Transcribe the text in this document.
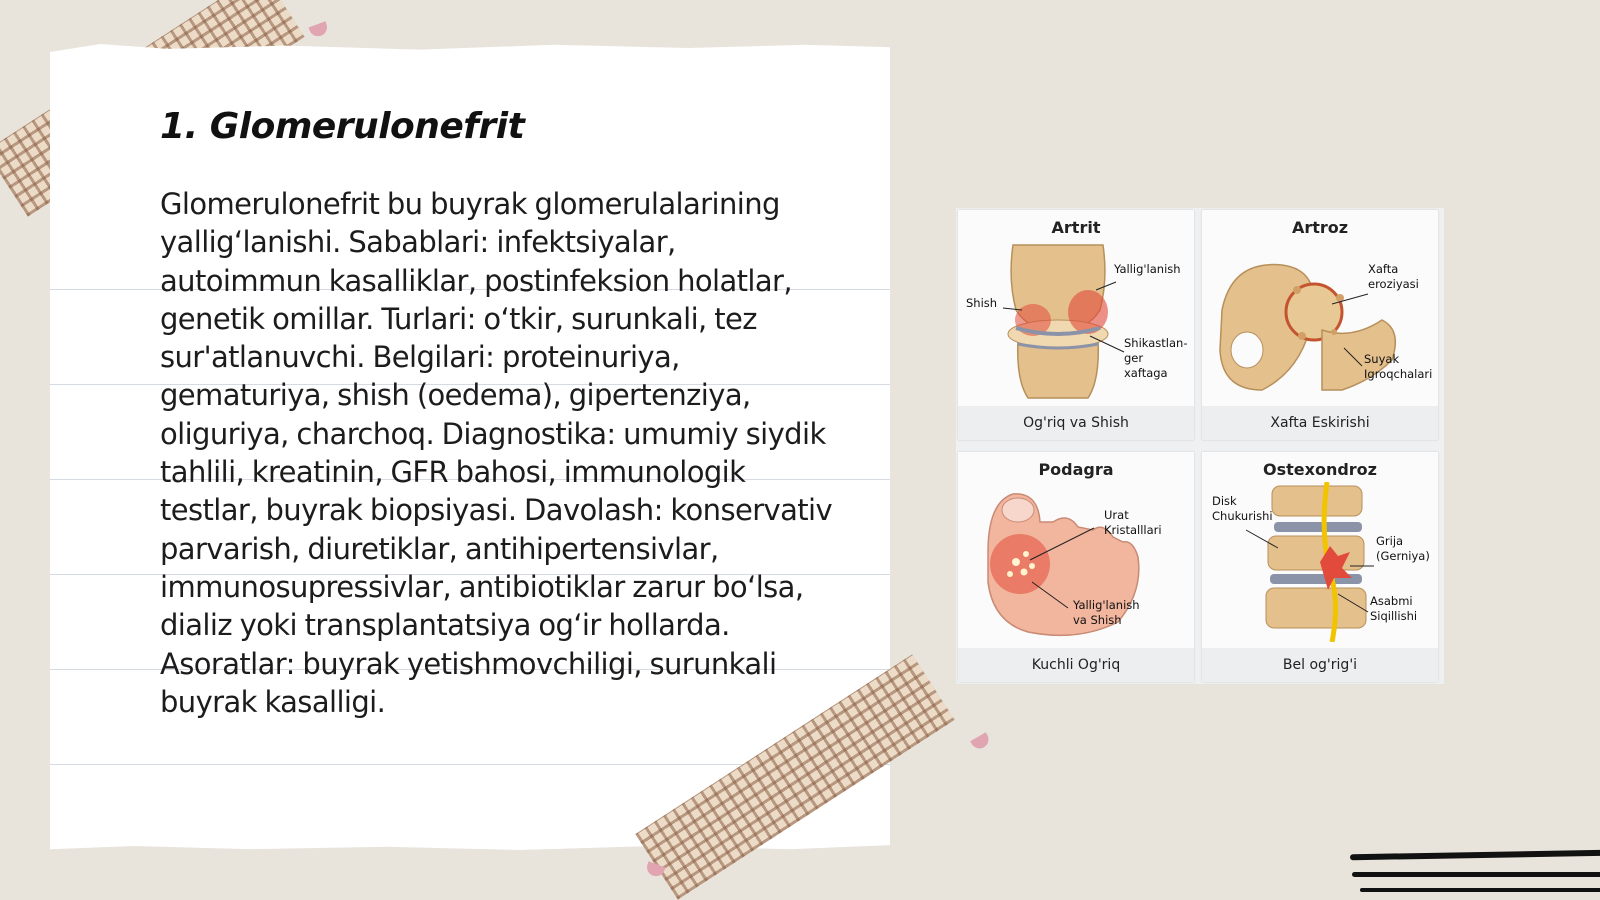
1. Glomerulonefrit

Glomerulonefrit bu buyrak glomerulalarining yallig‘lanishi. Sabablari: infektsiyalar, autoimmun kasalliklar, postinfeksion holatlar, genetik omillar. Turlari: o‘tkir, surunkali, tez sur'atlanuvchi. Belgilari: proteinuriya, gematuriya, shish (oedema), gipertenziya, oliguriya, charchoq. Diagnostika: umumiy siydik tahlili, kreatinin, GFR bahosi, immunologik testlar, buyrak biopsiyasi. Davolash: konservativ parvarish, diuretiklar, antihipertensivlar, immunosupressivlar, antibiotiklar zarur bo‘lsa, dializ yoki transplantatsiya og‘ir hollarda. Asoratlar: buyrak yetishmovchiligi, surunkali buyrak kasalligi.

Artrit
Yallig'lanish
Shish
Shikastlan-
ger
xaftaga
Og'riq va Shish
Artroz
Xafta
eroziyasi
Suyak
Igroqchalari
Xafta Eskirishi
Podagra
Urat
Kristalllari
Yallig'lanish
va Shish
Kuchli Og'riq
Ostexondroz
Disk
Chukurishi
Grija
(Gerniya)
Asabmi
Siqillishi
Bel og'rig'i
